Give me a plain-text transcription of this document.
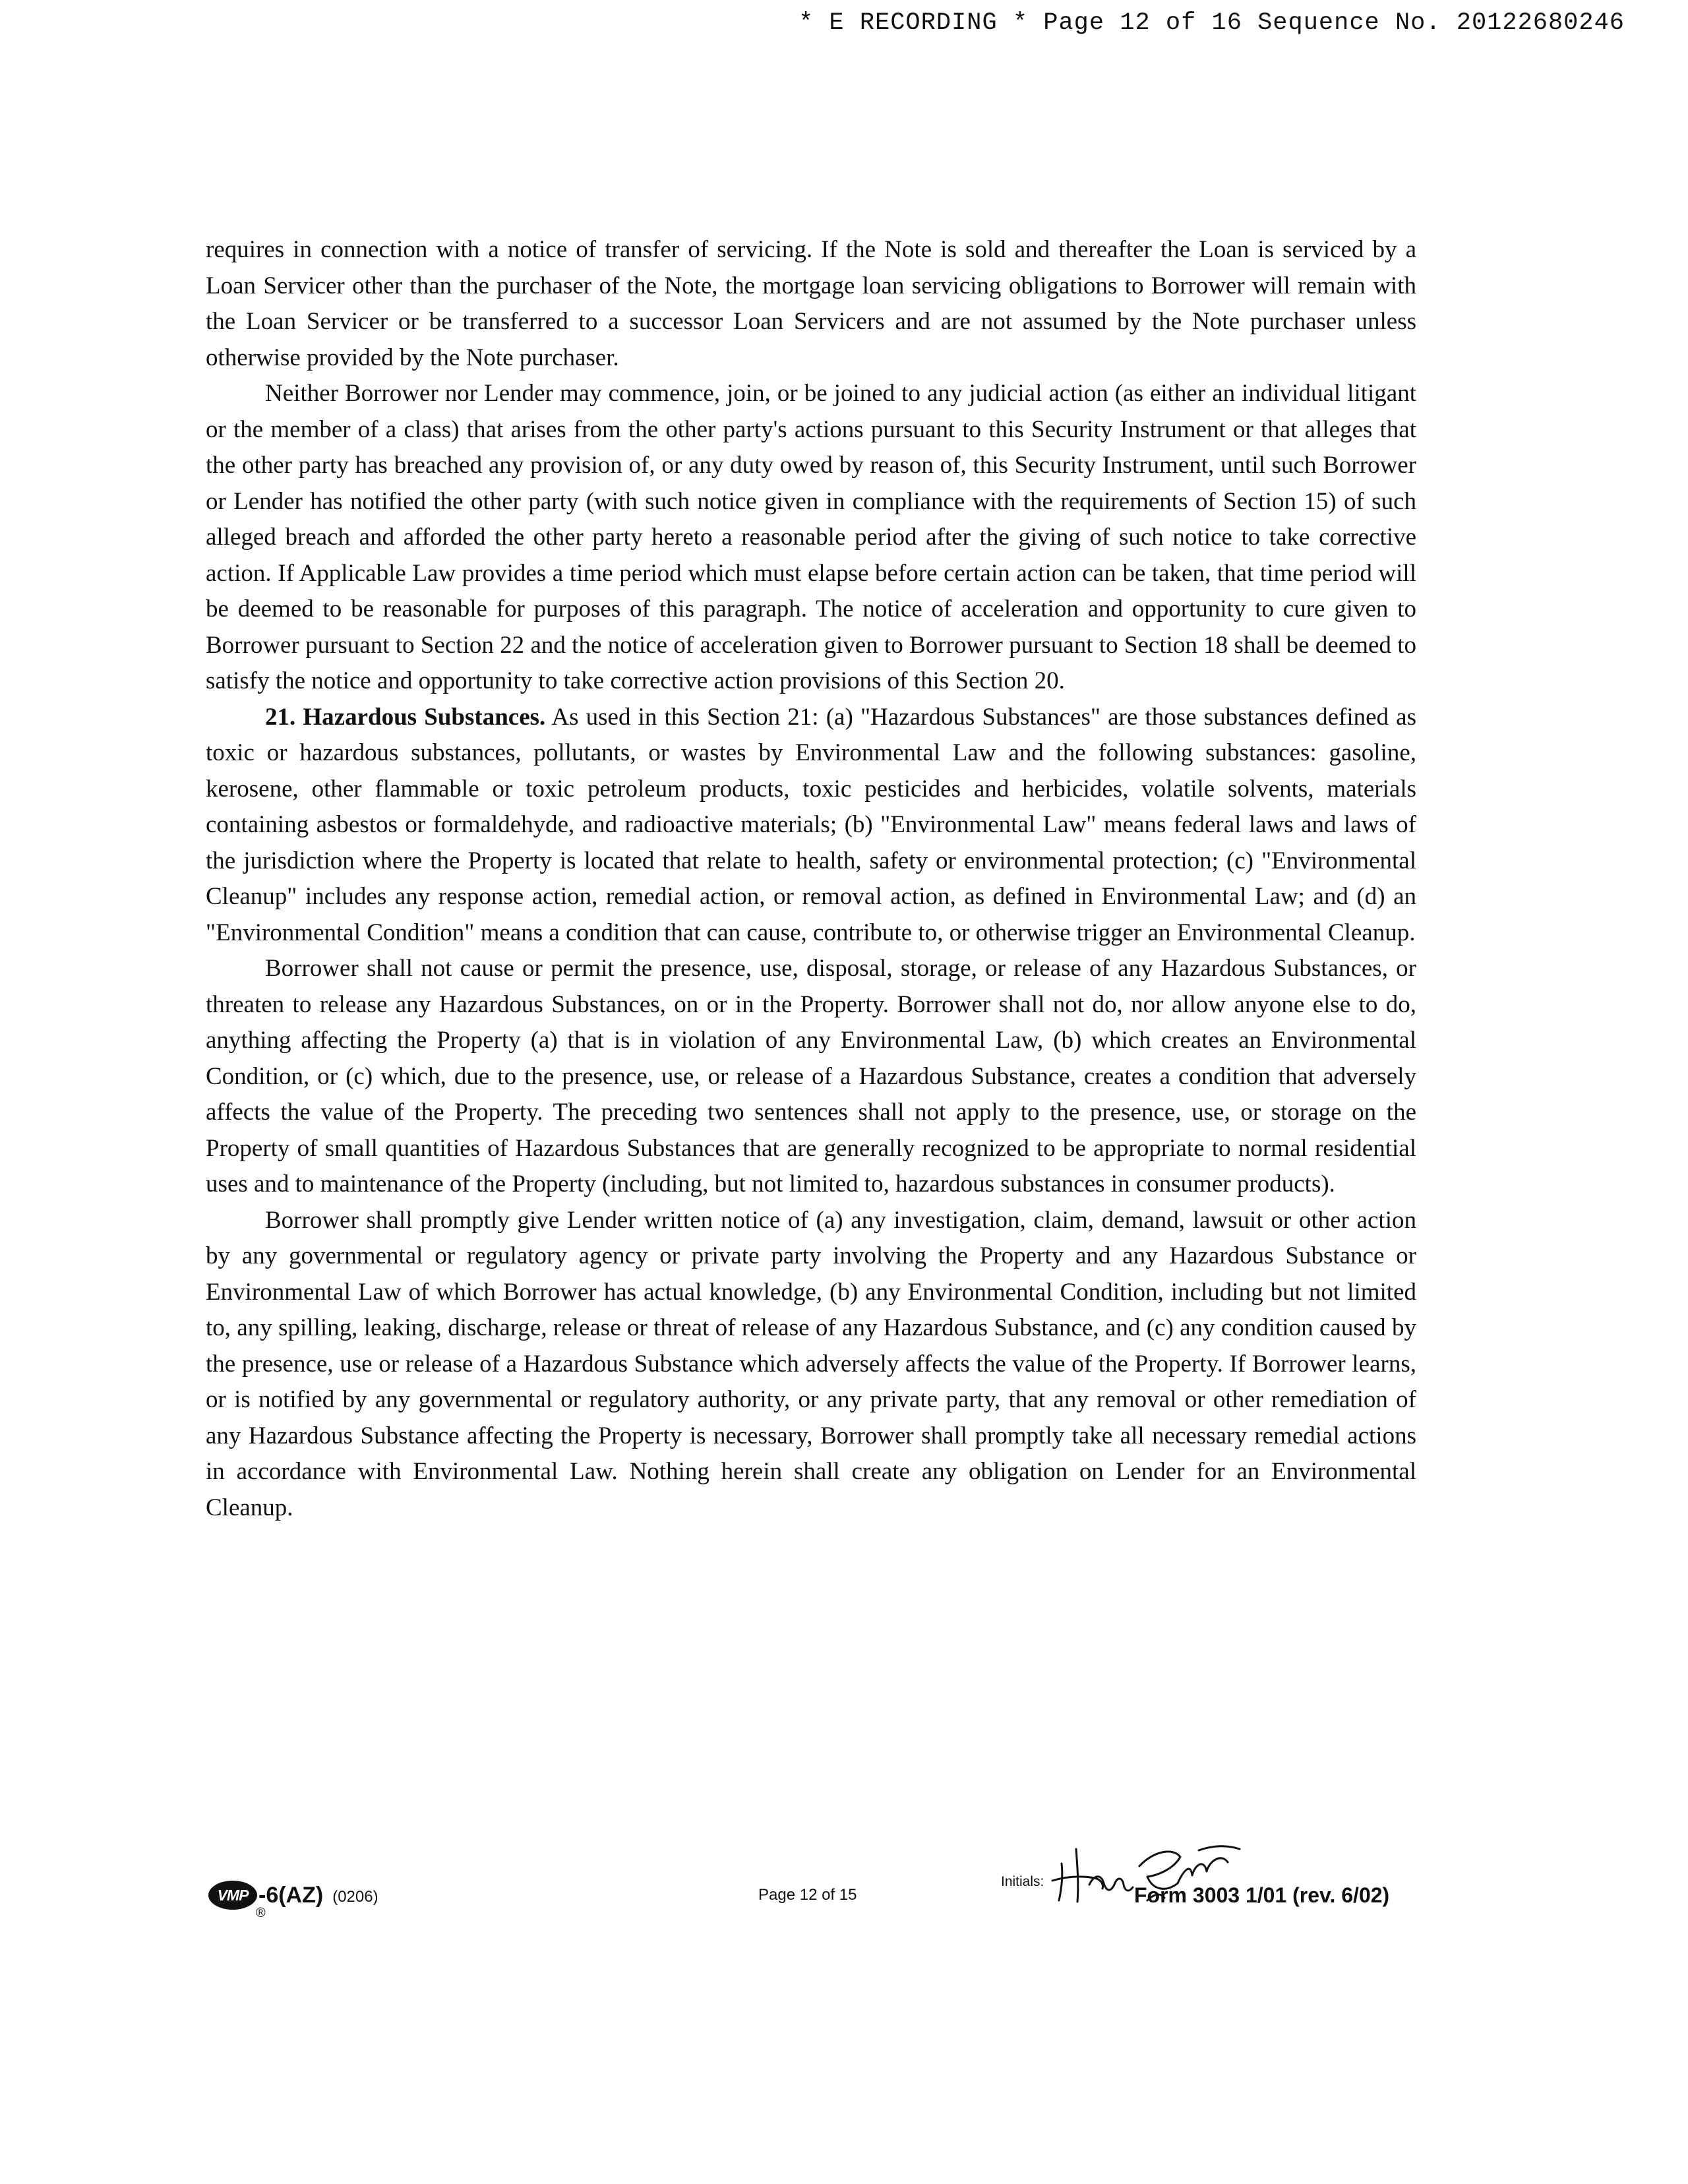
* E RECORDING * Page 12 of 16 Sequence No. 20122680246

requires in connection with a notice of transfer of servicing. If the Note is sold and thereafter the Loan is serviced by a Loan Servicer other than the purchaser of the Note, the mortgage loan servicing obligations to Borrower will remain with the Loan Servicer or be transferred to a successor Loan Servicers and are not assumed by the Note purchaser unless otherwise provided by the Note purchaser.

Neither Borrower nor Lender may commence, join, or be joined to any judicial action (as either an individual litigant or the member of a class) that arises from the other party's actions pursuant to this Security Instrument or that alleges that the other party has breached any provision of, or any duty owed by reason of, this Security Instrument, until such Borrower or Lender has notified the other party (with such notice given in compliance with the requirements of Section 15) of such alleged breach and afforded the other party hereto a reasonable period after the giving of such notice to take corrective action. If Applicable Law provides a time period which must elapse before certain action can be taken, that time period will be deemed to be reasonable for purposes of this paragraph. The notice of acceleration and opportunity to cure given to Borrower pursuant to Section 22 and the notice of acceleration given to Borrower pursuant to Section 18 shall be deemed to satisfy the notice and opportunity to take corrective action provisions of this Section 20.

21. Hazardous Substances. As used in this Section 21: (a) "Hazardous Substances" are those substances defined as toxic or hazardous substances, pollutants, or wastes by Environmental Law and the following substances: gasoline, kerosene, other flammable or toxic petroleum products, toxic pesticides and herbicides, volatile solvents, materials containing asbestos or formaldehyde, and radioactive materials; (b) "Environmental Law" means federal laws and laws of the jurisdiction where the Property is located that relate to health, safety or environmental protection; (c) "Environmental Cleanup" includes any response action, remedial action, or removal action, as defined in Environmental Law; and (d) an "Environmental Condition" means a condition that can cause, contribute to, or otherwise trigger an Environmental Cleanup.

Borrower shall not cause or permit the presence, use, disposal, storage, or release of any Hazardous Substances, or threaten to release any Hazardous Substances, on or in the Property. Borrower shall not do, nor allow anyone else to do, anything affecting the Property (a) that is in violation of any Environmental Law, (b) which creates an Environmental Condition, or (c) which, due to the presence, use, or release of a Hazardous Substance, creates a condition that adversely affects the value of the Property. The preceding two sentences shall not apply to the presence, use, or storage on the Property of small quantities of Hazardous Substances that are generally recognized to be appropriate to normal residential uses and to maintenance of the Property (including, but not limited to, hazardous substances in consumer products).

Borrower shall promptly give Lender written notice of (a) any investigation, claim, demand, lawsuit or other action by any governmental or regulatory agency or private party involving the Property and any Hazardous Substance or Environmental Law of which Borrower has actual knowledge, (b) any Environmental Condition, including but not limited to, any spilling, leaking, discharge, release or threat of release of any Hazardous Substance, and (c) any condition caused by the presence, use or release of a Hazardous Substance which adversely affects the value of the Property. If Borrower learns, or is notified by any governmental or regulatory authority, or any private party, that any removal or other remediation of any Hazardous Substance affecting the Property is necessary, Borrower shall promptly take all necessary remedial actions in accordance with Environmental Law. Nothing herein shall create any obligation on Lender for an Environmental Cleanup.

VMP
®
-6(AZ) (0206)	Page 12 of 15
Initials:
Form 3003 1/01 (rev. 6/02)
